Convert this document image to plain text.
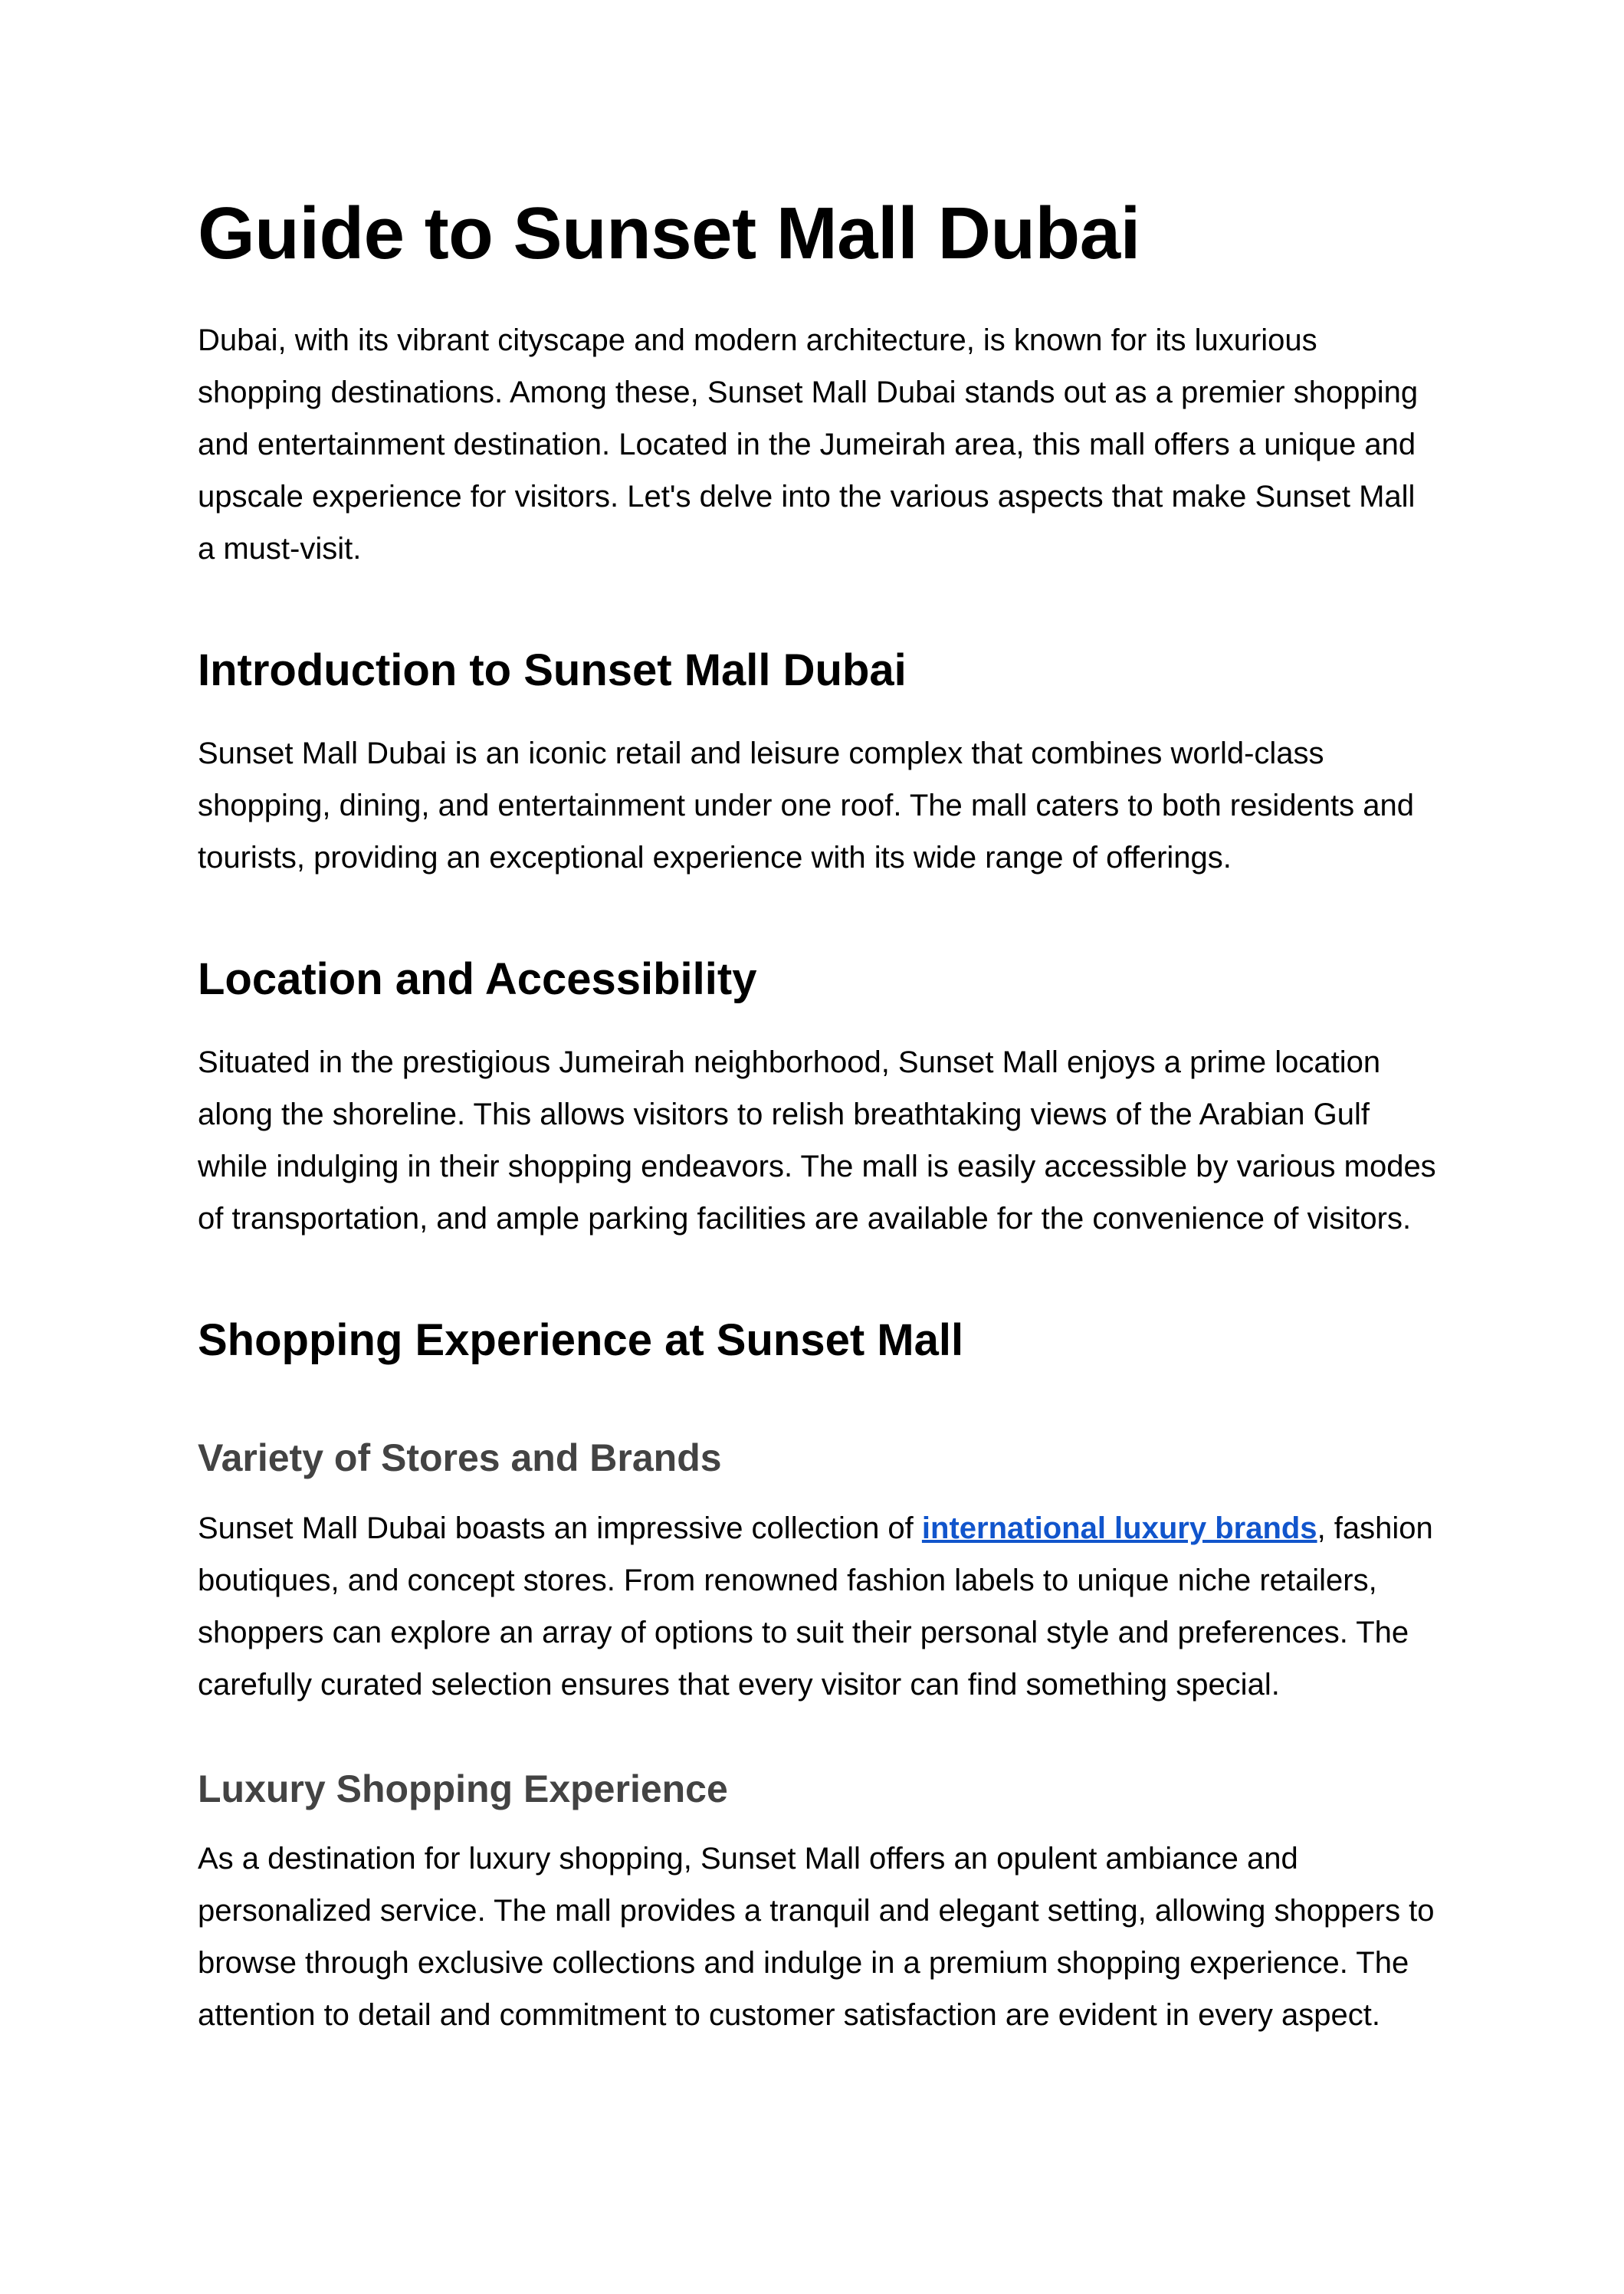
Guide to Sunset Mall Dubai

Dubai, with its vibrant cityscape and modern architecture, is known for its luxurious shopping destinations. Among these, Sunset Mall Dubai stands out as a premier shopping and entertainment destination. Located in the Jumeirah area, this mall offers a unique and upscale experience for visitors. Let's delve into the various aspects that make Sunset Mall a must-visit.

Introduction to Sunset Mall Dubai

Sunset Mall Dubai is an iconic retail and leisure complex that combines world-class shopping, dining, and entertainment under one roof. The mall caters to both residents and tourists, providing an exceptional experience with its wide range of offerings.

Location and Accessibility

Situated in the prestigious Jumeirah neighborhood, Sunset Mall enjoys a prime location along the shoreline. This allows visitors to relish breathtaking views of the Arabian Gulf while indulging in their shopping endeavors. The mall is easily accessible by various modes of transportation, and ample parking facilities are available for the convenience of visitors.

Shopping Experience at Sunset Mall
Variety of Stores and Brands

Sunset Mall Dubai boasts an impressive collection of international luxury brands, fashion boutiques, and concept stores. From renowned fashion labels to unique niche retailers, shoppers can explore an array of options to suit their personal style and preferences. The carefully curated selection ensures that every visitor can find something special.

Luxury Shopping Experience

As a destination for luxury shopping, Sunset Mall offers an opulent ambiance and personalized service. The mall provides a tranquil and elegant setting, allowing shoppers to browse through exclusive collections and indulge in a premium shopping experience. The attention to detail and commitment to customer satisfaction are evident in every aspect.
